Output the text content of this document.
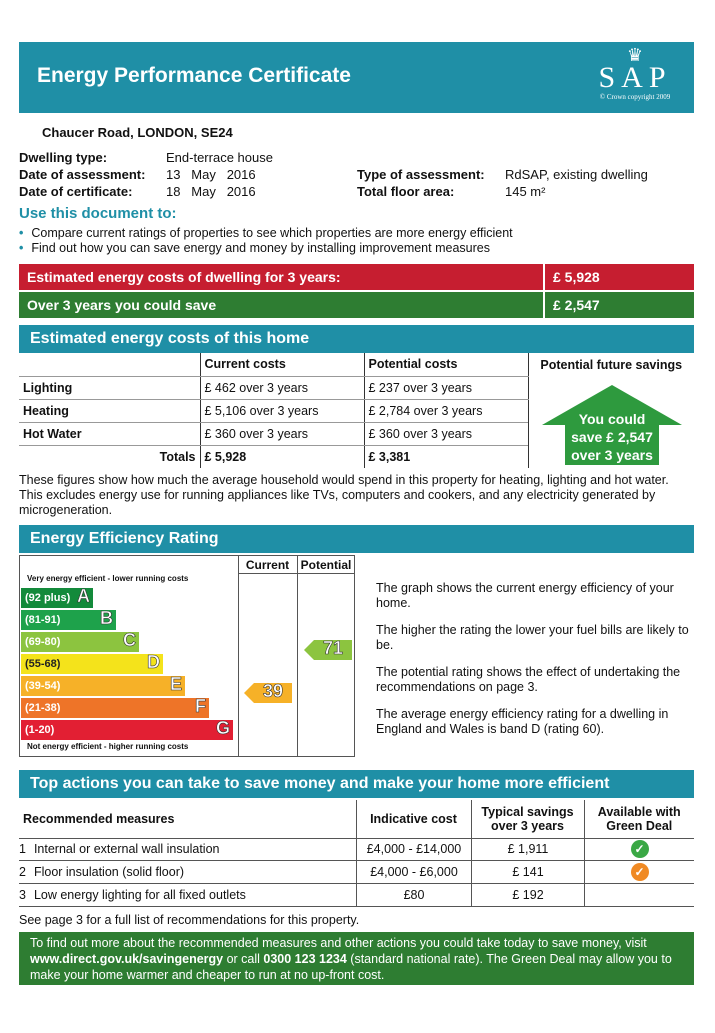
Energy Performance Certificate
♛
SAP
© Crown copyright 2009
Chaucer Road, LONDON, SE24
Dwelling type:	End-terrace house
Date of assessment: 13   May   2016
Date of certificate:	18   May   2016
Type of assessment: RdSAP, existing dwelling
Total floor area:	145 m²
Use this document to:
• Compare current ratings of properties to see which properties are more energy efficient
• Find out how you can save energy and money by installing improvement measures
Estimated energy costs of dwelling for 3 years:	£ 5,928
Over 3 years you could save	£ 2,547
Estimated energy costs of this home
	Current costs	Potential costs	Potential future savings
Lighting	£ 462 over 3 years	£ 237 over 3 years	
Heating	£ 5,106 over 3 years	£ 2,784 over 3 years	
Hot Water	£ 360 over 3 years	£ 360 over 3 years	
Totals	£ 5,928	£ 3,381	
You could
save £ 2,547
over 3 years
These figures show how much the average household would spend in this property for heating, lighting and hot water. This excludes energy use for running appliances like TVs, computers and cookers, and any electricity generated by microgeneration.
Energy Efficiency Rating
Current Potential
Very energy efficient - lower running costs
Not energy efficient - higher running costs
(92 plus) A
(81-91) B
(69-80)	C
(55-68)	D
(39-54)	E
(21-38)	F
(1-20)	G
39
71
The graph shows the current energy efficiency of your home.
The higher the rating the lower your fuel bills are likely to be.
The potential rating shows the effect of undertaking the recommendations on page 3.
The average energy efficiency rating for a dwelling in England and Wales is band D (rating 60).
Top actions you can take to save money and make your home more efficient
Recommended measures	Indicative cost	Typical savings over 3 years	Available with Green Deal
1 Internal or external wall insulation	£4,000 - £14,000	£ 1,911	✓
2 Floor insulation (solid floor)	£4,000 - £6,000	£ 141	✓
3 Low energy lighting for all fixed outlets	£80	£ 192
See page 3 for a full list of recommendations for this property.
To find out more about the recommended measures and other actions you could take today to save money, visit
www.direct.gov.uk/savingenergy or call 0300 123 1234 (standard national rate). The Green Deal may allow you to make your home warmer and cheaper to run at no up-front cost.
